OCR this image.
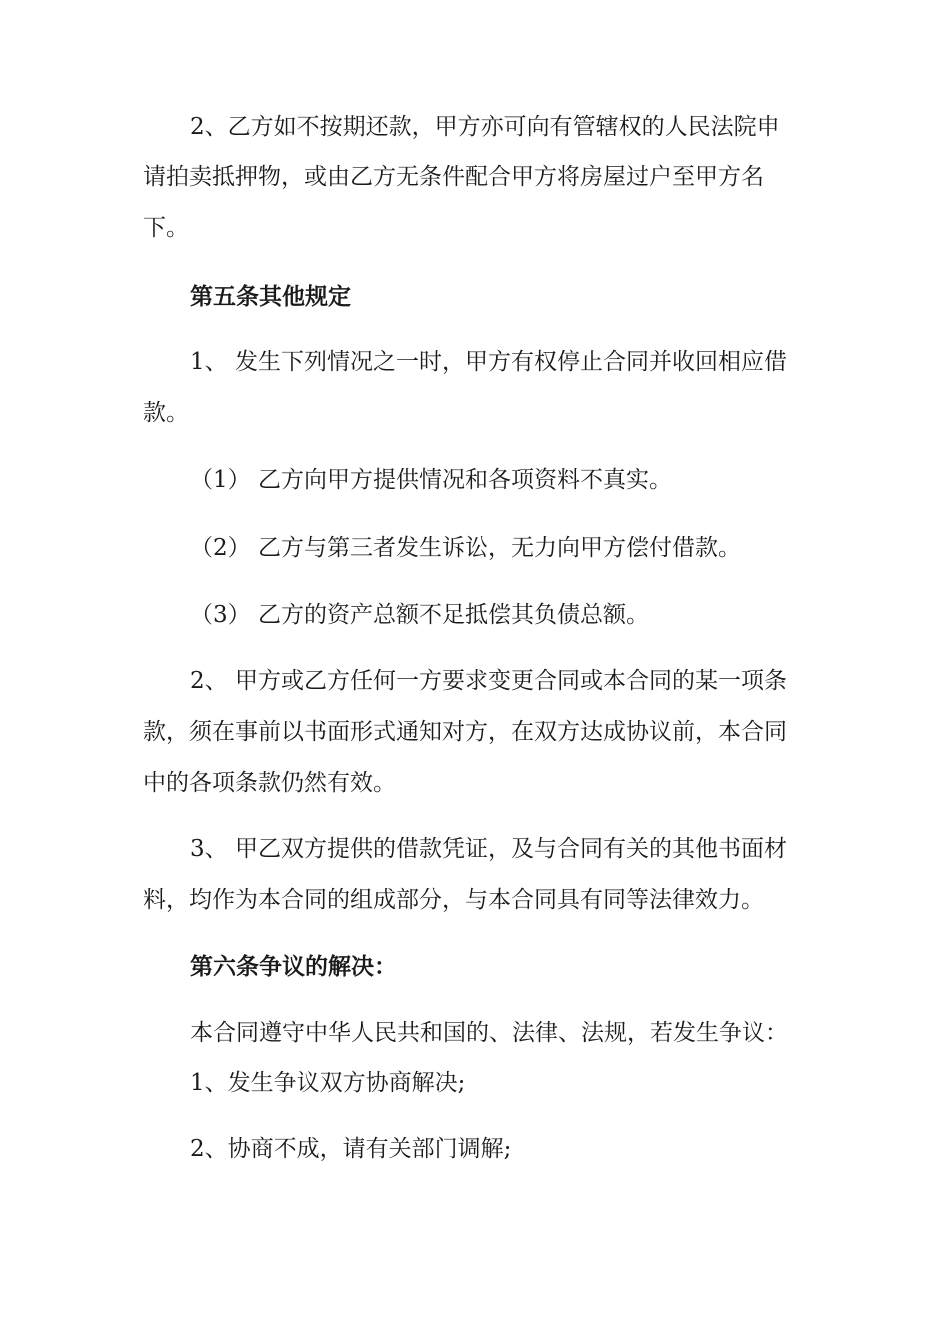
2、乙方如不按期还款，甲方亦可向有管辖权的人民法院申
请拍卖抵押物，或由乙方无条件配合甲方将房屋过户至甲方名
下。
第五条其他规定
1、 发生下列情况之一时，甲方有权停止合同并收回相应借
款。
（1） 乙方向甲方提供情况和各项资料不真实。
（2） 乙方与第三者发生诉讼，无力向甲方偿付借款。
（3） 乙方的资产总额不足抵偿其负债总额。
2、 甲方或乙方任何一方要求变更合同或本合同的某一项条
款，须在事前以书面形式通知对方，在双方达成协议前，本合同
中的各项条款仍然有效。
3、 甲乙双方提供的借款凭证，及与合同有关的其他书面材
料，均作为本合同的组成部分，与本合同具有同等法律效力。
第六条争议的解决：
本合同遵守中华人民共和国的、法律、法规，若发生争议：
1、发生争议双方协商解决;
2、协商不成，请有关部门调解;
